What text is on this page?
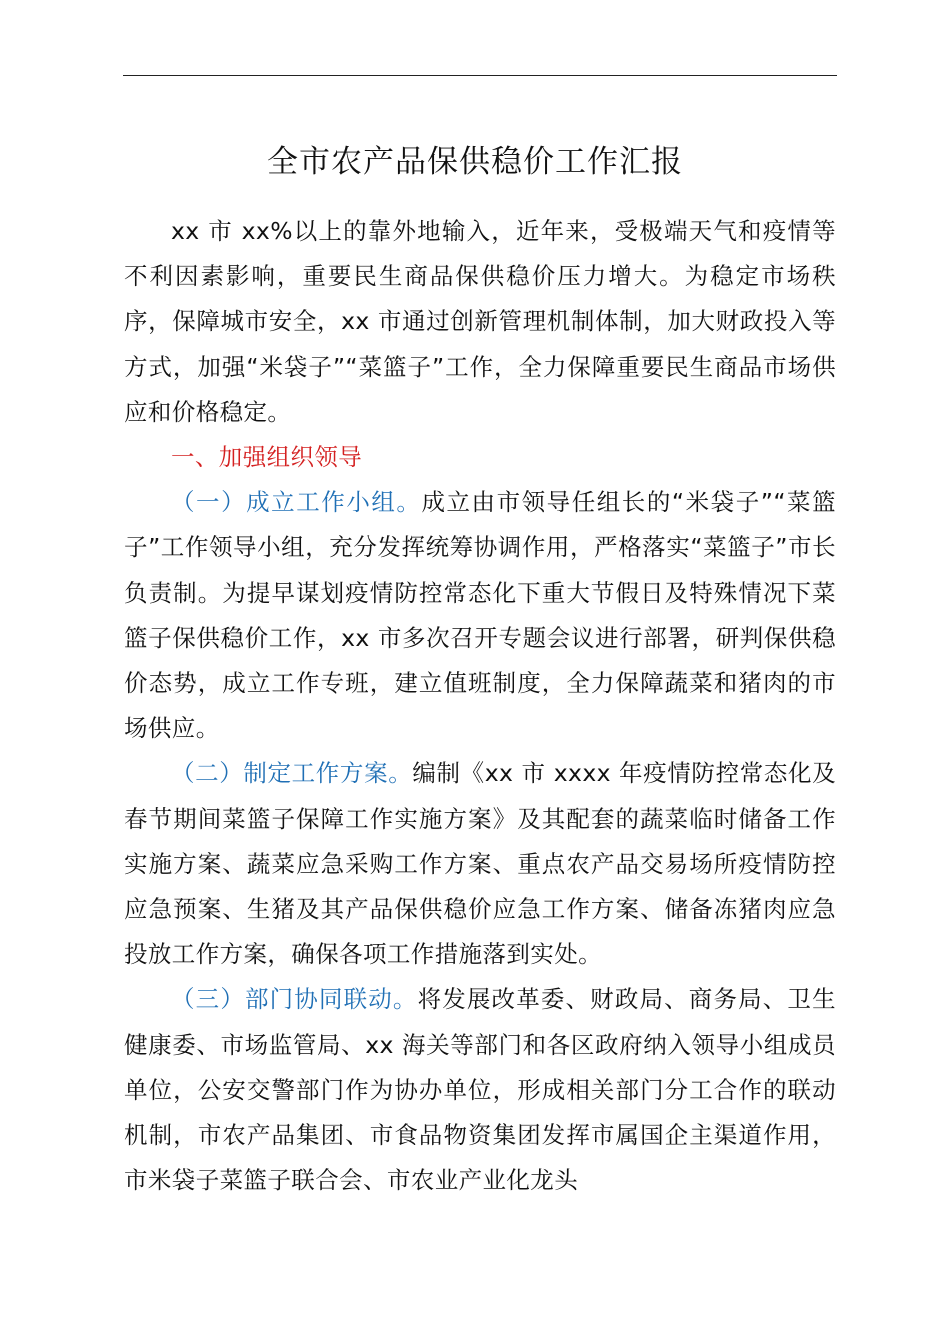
全市农产品保供稳价工作汇报

xx 市 xx%以上的靠外地输入，近年来，受极端天气和疫情等不利因素影响，重要民生商品保供稳价压力增大。为稳定市场秩序，保障城市安全，xx 市通过创新管理机制体制，加大财政投入等方式，加强“米袋子”“菜篮子”工作，全力保障重要民生商品市场供应和价格稳定。

一、加强组织领导

（一）成立工作小组。成立由市领导任组长的“米袋子”“菜篮子”工作领导小组，充分发挥统筹协调作用，严格落实“菜篮子”市长负责制。为提早谋划疫情防控常态化下重大节假日及特殊情况下菜篮子保供稳价工作，xx 市多次召开专题会议进行部署，研判保供稳价态势，成立工作专班，建立值班制度，全力保障蔬菜和猪肉的市场供应。

（二）制定工作方案。编制《xx 市 xxxx 年疫情防控常态化及春节期间菜篮子保障工作实施方案》及其配套的蔬菜临时储备工作实施方案、蔬菜应急采购工作方案、重点农产品交易场所疫情防控应急预案、生猪及其产品保供稳价应急工作方案、储备冻猪肉应急投放工作方案，确保各项工作措施落到实处。

（三）部门协同联动。将发展改革委、财政局、商务局、卫生健康委、市场监管局、xx 海关等部门和各区政府纳入领导小组成员单位，公安交警部门作为协办单位，形成相关部门分工合作的联动机制，市农产品集团、市食品物资集团发挥市属国企主渠道作用，市米袋子菜篮子联合会、市农业产业化龙头
